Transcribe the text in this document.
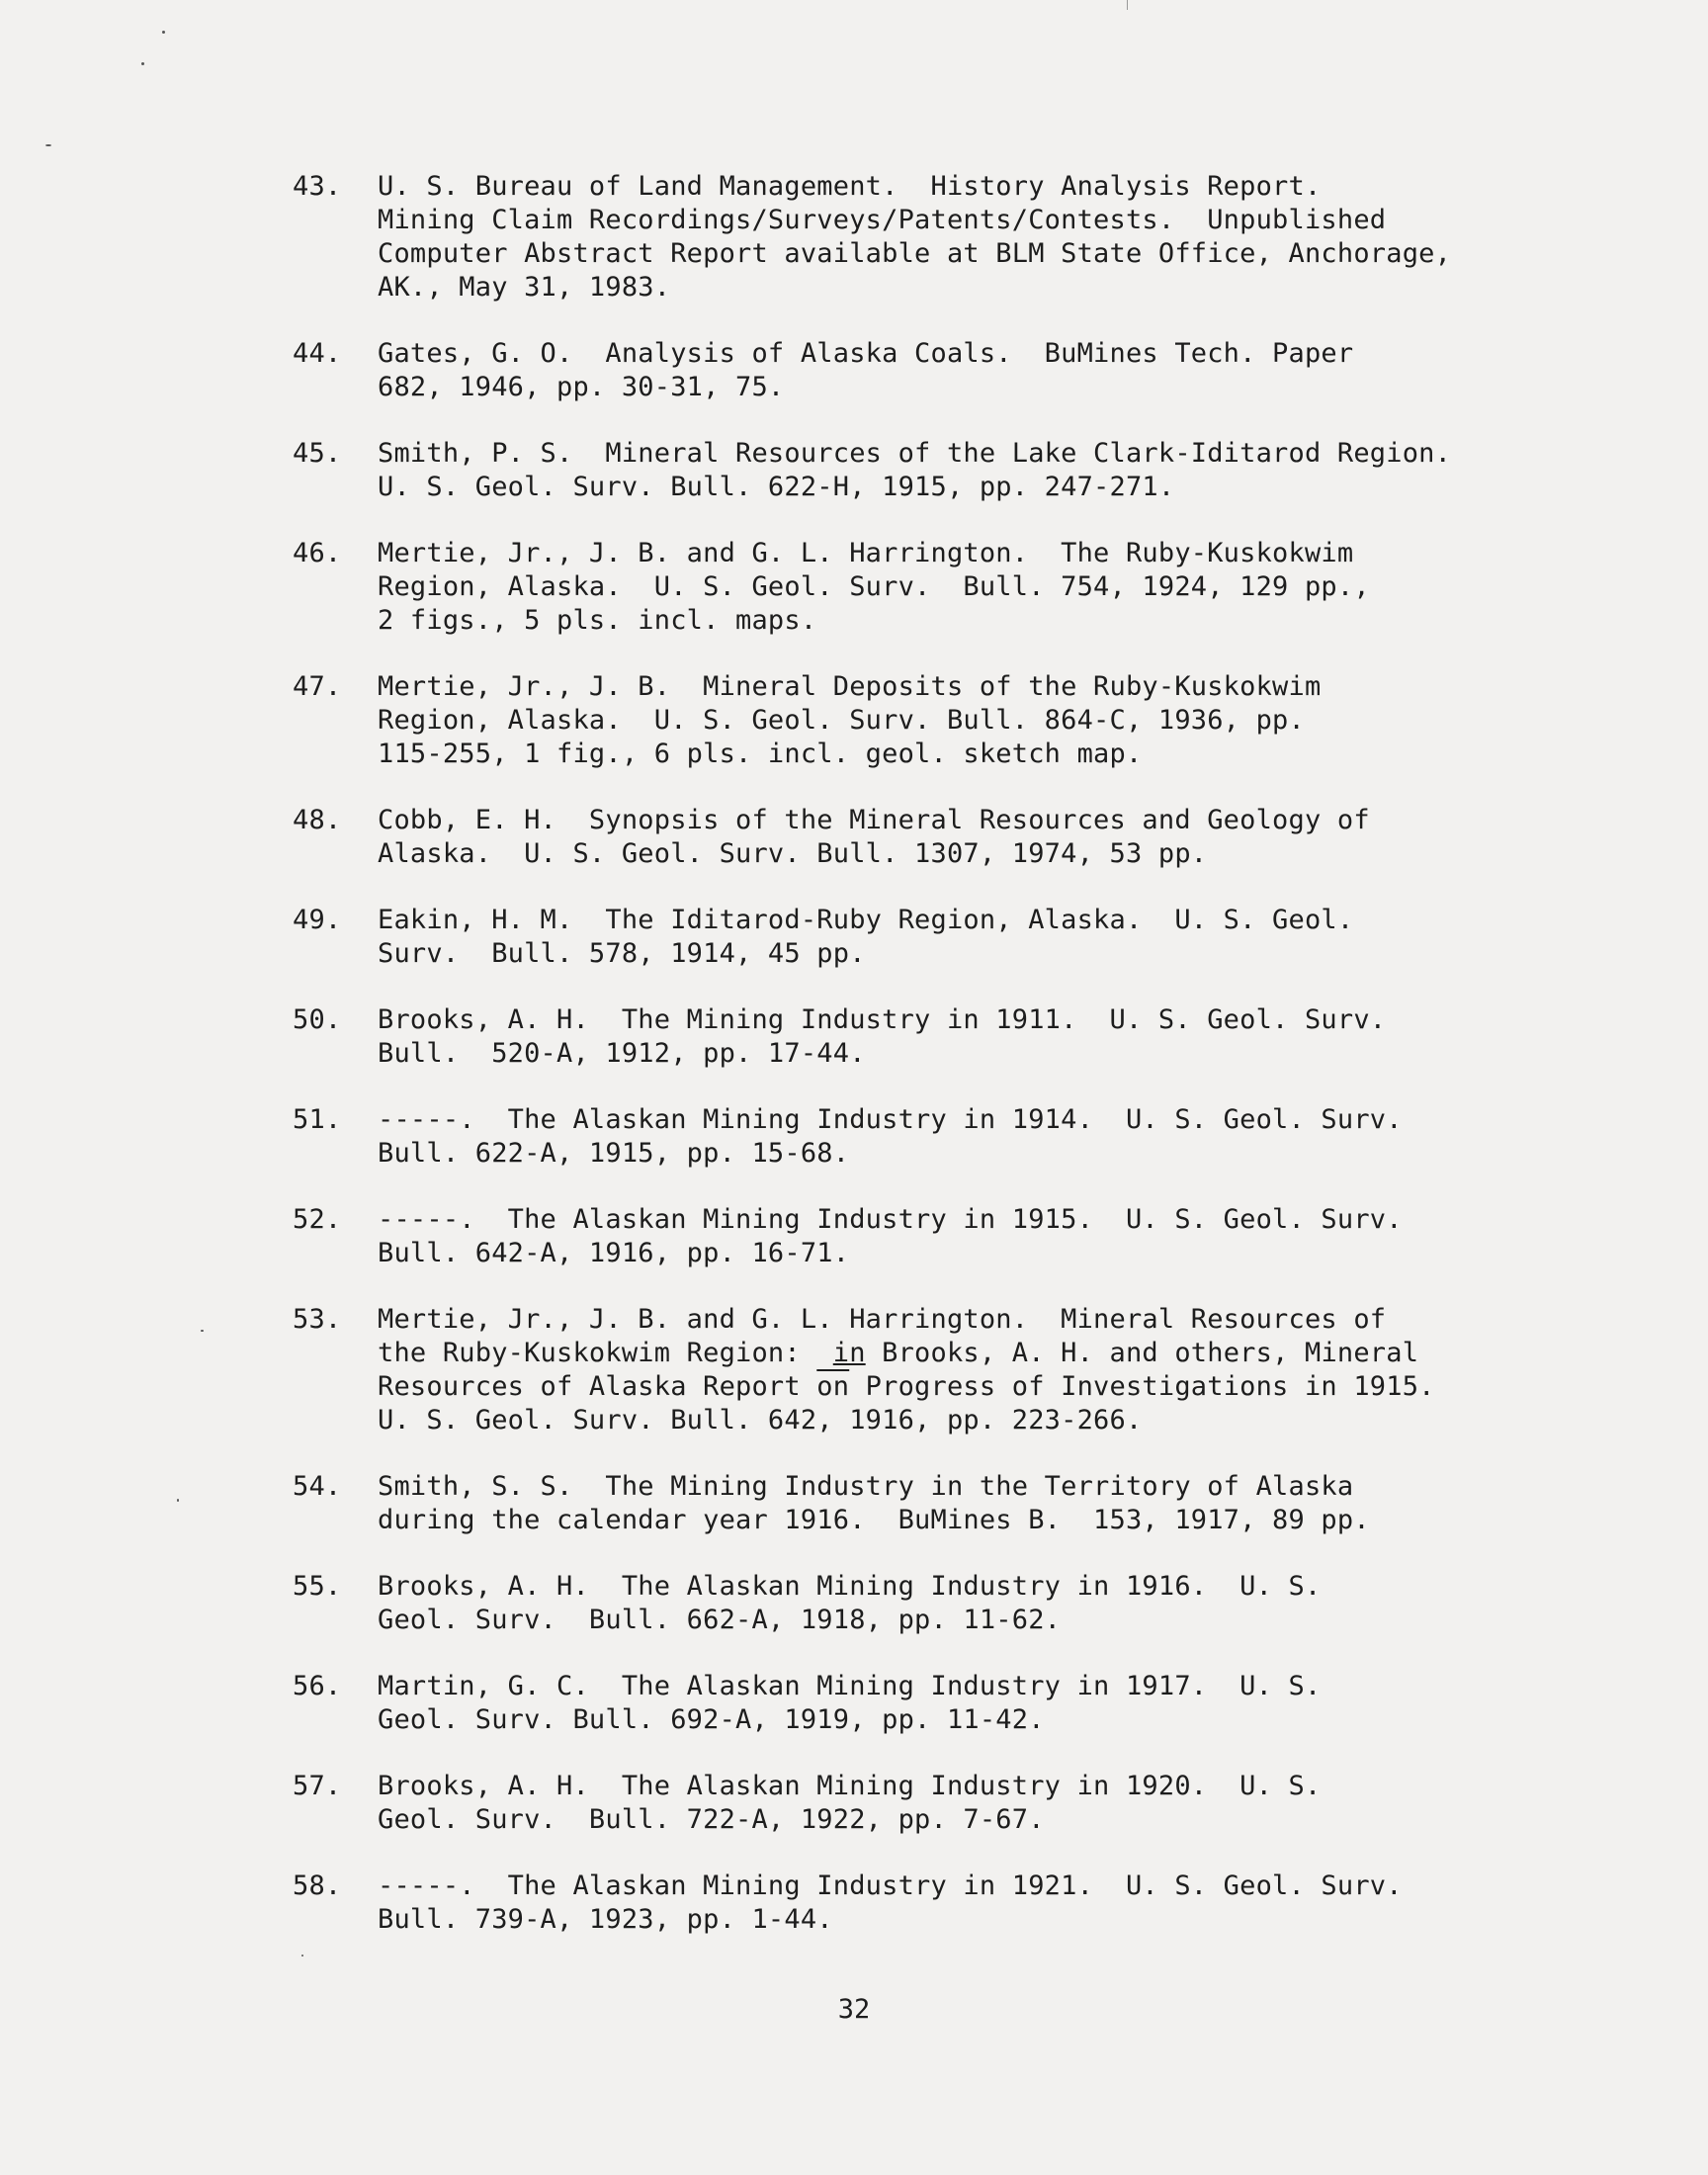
43. U. S. Bureau of Land Management.  History Analysis Report.
Mining Claim Recordings/Surveys/Patents/Contests.  Unpublished
Computer Abstract Report available at BLM State Office, Anchorage,
AK., May 31, 1983.
44. Gates, G. O.  Analysis of Alaska Coals.  BuMines Tech. Paper
682, 1946, pp. 30-31, 75.
45. Smith, P. S.  Mineral Resources of the Lake Clark-Iditarod Region.
U. S. Geol. Surv. Bull. 622-H, 1915, pp. 247-271.
46. Mertie, Jr., J. B. and G. L. Harrington.  The Ruby-Kuskokwim
Region, Alaska.  U. S. Geol. Surv.  Bull. 754, 1924, 129 pp.,
2 figs., 5 pls. incl. maps.
47. Mertie, Jr., J. B.  Mineral Deposits of the Ruby-Kuskokwim
Region, Alaska.  U. S. Geol. Surv. Bull. 864-C, 1936, pp.
115-255, 1 fig., 6 pls. incl. geol. sketch map.
48. Cobb, E. H.  Synopsis of the Mineral Resources and Geology of
Alaska.  U. S. Geol. Surv. Bull. 1307, 1974, 53 pp.
49. Eakin, H. M.  The Iditarod-Ruby Region, Alaska.  U. S. Geol.
Surv.  Bull. 578, 1914, 45 pp.
50. Brooks, A. H.  The Mining Industry in 1911.  U. S. Geol. Surv.
Bull.  520-A, 1912, pp. 17-44.
51. -----.  The Alaskan Mining Industry in 1914.  U. S. Geol. Surv.
Bull. 622-A, 1915, pp. 15-68.
52. -----.  The Alaskan Mining Industry in 1915.  U. S. Geol. Surv.
Bull. 642-A, 1916, pp. 16-71.
53. Mertie, Jr., J. B. and G. L. Harrington.  Mineral Resources of
the Ruby-Kuskokwim Region:  in Brooks, A. H. and others, Mineral
Resources of Alaska Report $\overline{on}$ Progress of Investigations in 1915.
U. S. Geol. Surv. Bull. 642, 1916, pp. 223-266.
54. Smith, S. S.  The Mining Industry in the Territory of Alaska
during the calendar year 1916.  BuMines B.  153, 1917, 89 pp.
55. Brooks, A. H.  The Alaskan Mining Industry in 1916.  U. S.
Geol. Surv.  Bull. 662-A, 1918, pp. 11-62.
56. Martin, G. C.  The Alaskan Mining Industry in 1917.  U. S.
Geol. Surv. Bull. 692-A, 1919, pp. 11-42.
57. Brooks, A. H.  The Alaskan Mining Industry in 1920.  U. S.
Geol. Surv.  Bull. 722-A, 1922, pp. 7-67.
58. -----.  The Alaskan Mining Industry in 1921.  U. S. Geol. Surv.
Bull. 739-A, 1923, pp. 1-44.
32
